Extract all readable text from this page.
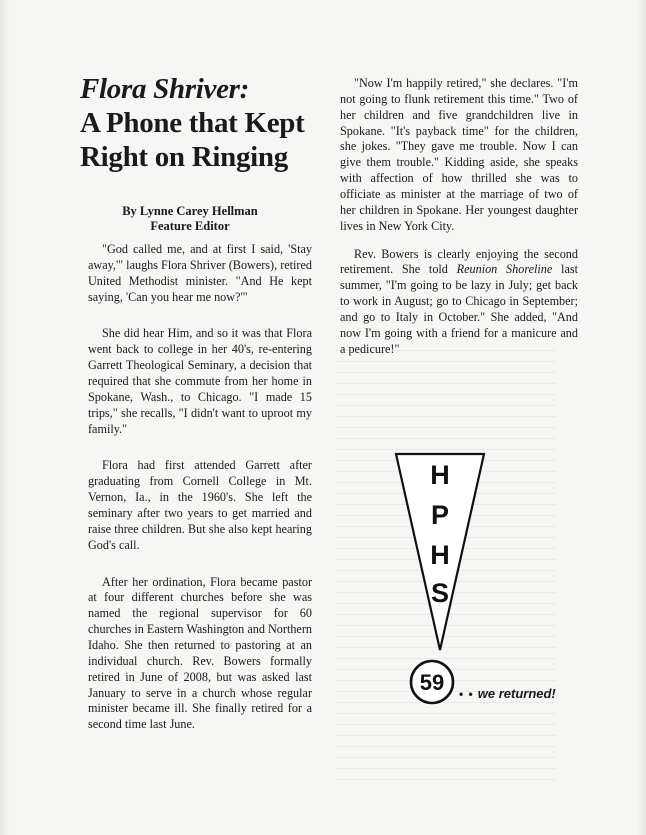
Flora Shriver:
A Phone that Kept Right on Ringing
By Lynne Carey Hellman
Feature Editor

"God called me, and at first I said, 'Stay away,'" laughs Flora Shriver (Bowers), retired United Methodist minister. "And He kept saying, 'Can you hear me now?'"

She did hear Him, and so it was that Flora went back to college in her 40's, re-entering Garrett Theological Seminary, a decision that required that she commute from her home in Spokane, Wash., to Chicago. "I made 15 trips," she recalls, "I didn't want to uproot my family."

Flora had first attended Garrett after graduating from Cornell College in Mt. Vernon, Ia., in the 1960's. She left the seminary after two years to get married and raise three children. But she also kept hearing God's call.

After her ordination, Flora became pastor at four different churches before she was named the regional supervisor for 60 churches in Eastern Washington and Northern Idaho. She then returned to pastoring at an individual church. Rev. Bowers formally retired in June of 2008, but was asked last January to serve in a church whose regular minister became ill. She finally retired for a second time last June.

"Now I'm happily retired," she declares. "I'm not going to flunk retirement this time." Two of her children and five grandchildren live in Spokane. "It's payback time" for the children, she jokes. "They gave me trouble. Now I can give them trouble." Kidding aside, she speaks with affection of how thrilled she was to officiate as minister at the marriage of two of her children in Spokane. Her youngest daughter lives in New York City.

Rev. Bowers is clearly enjoying the second retirement. She told Reunion Shoreline last summer, "I'm going to be lazy in July; get back to work in August; go to Chicago in September; and go to Italy in October." She added, "And now I'm going with a friend for a manicure and a pedicure!"

H
P
H
S
59 • • we returned!
